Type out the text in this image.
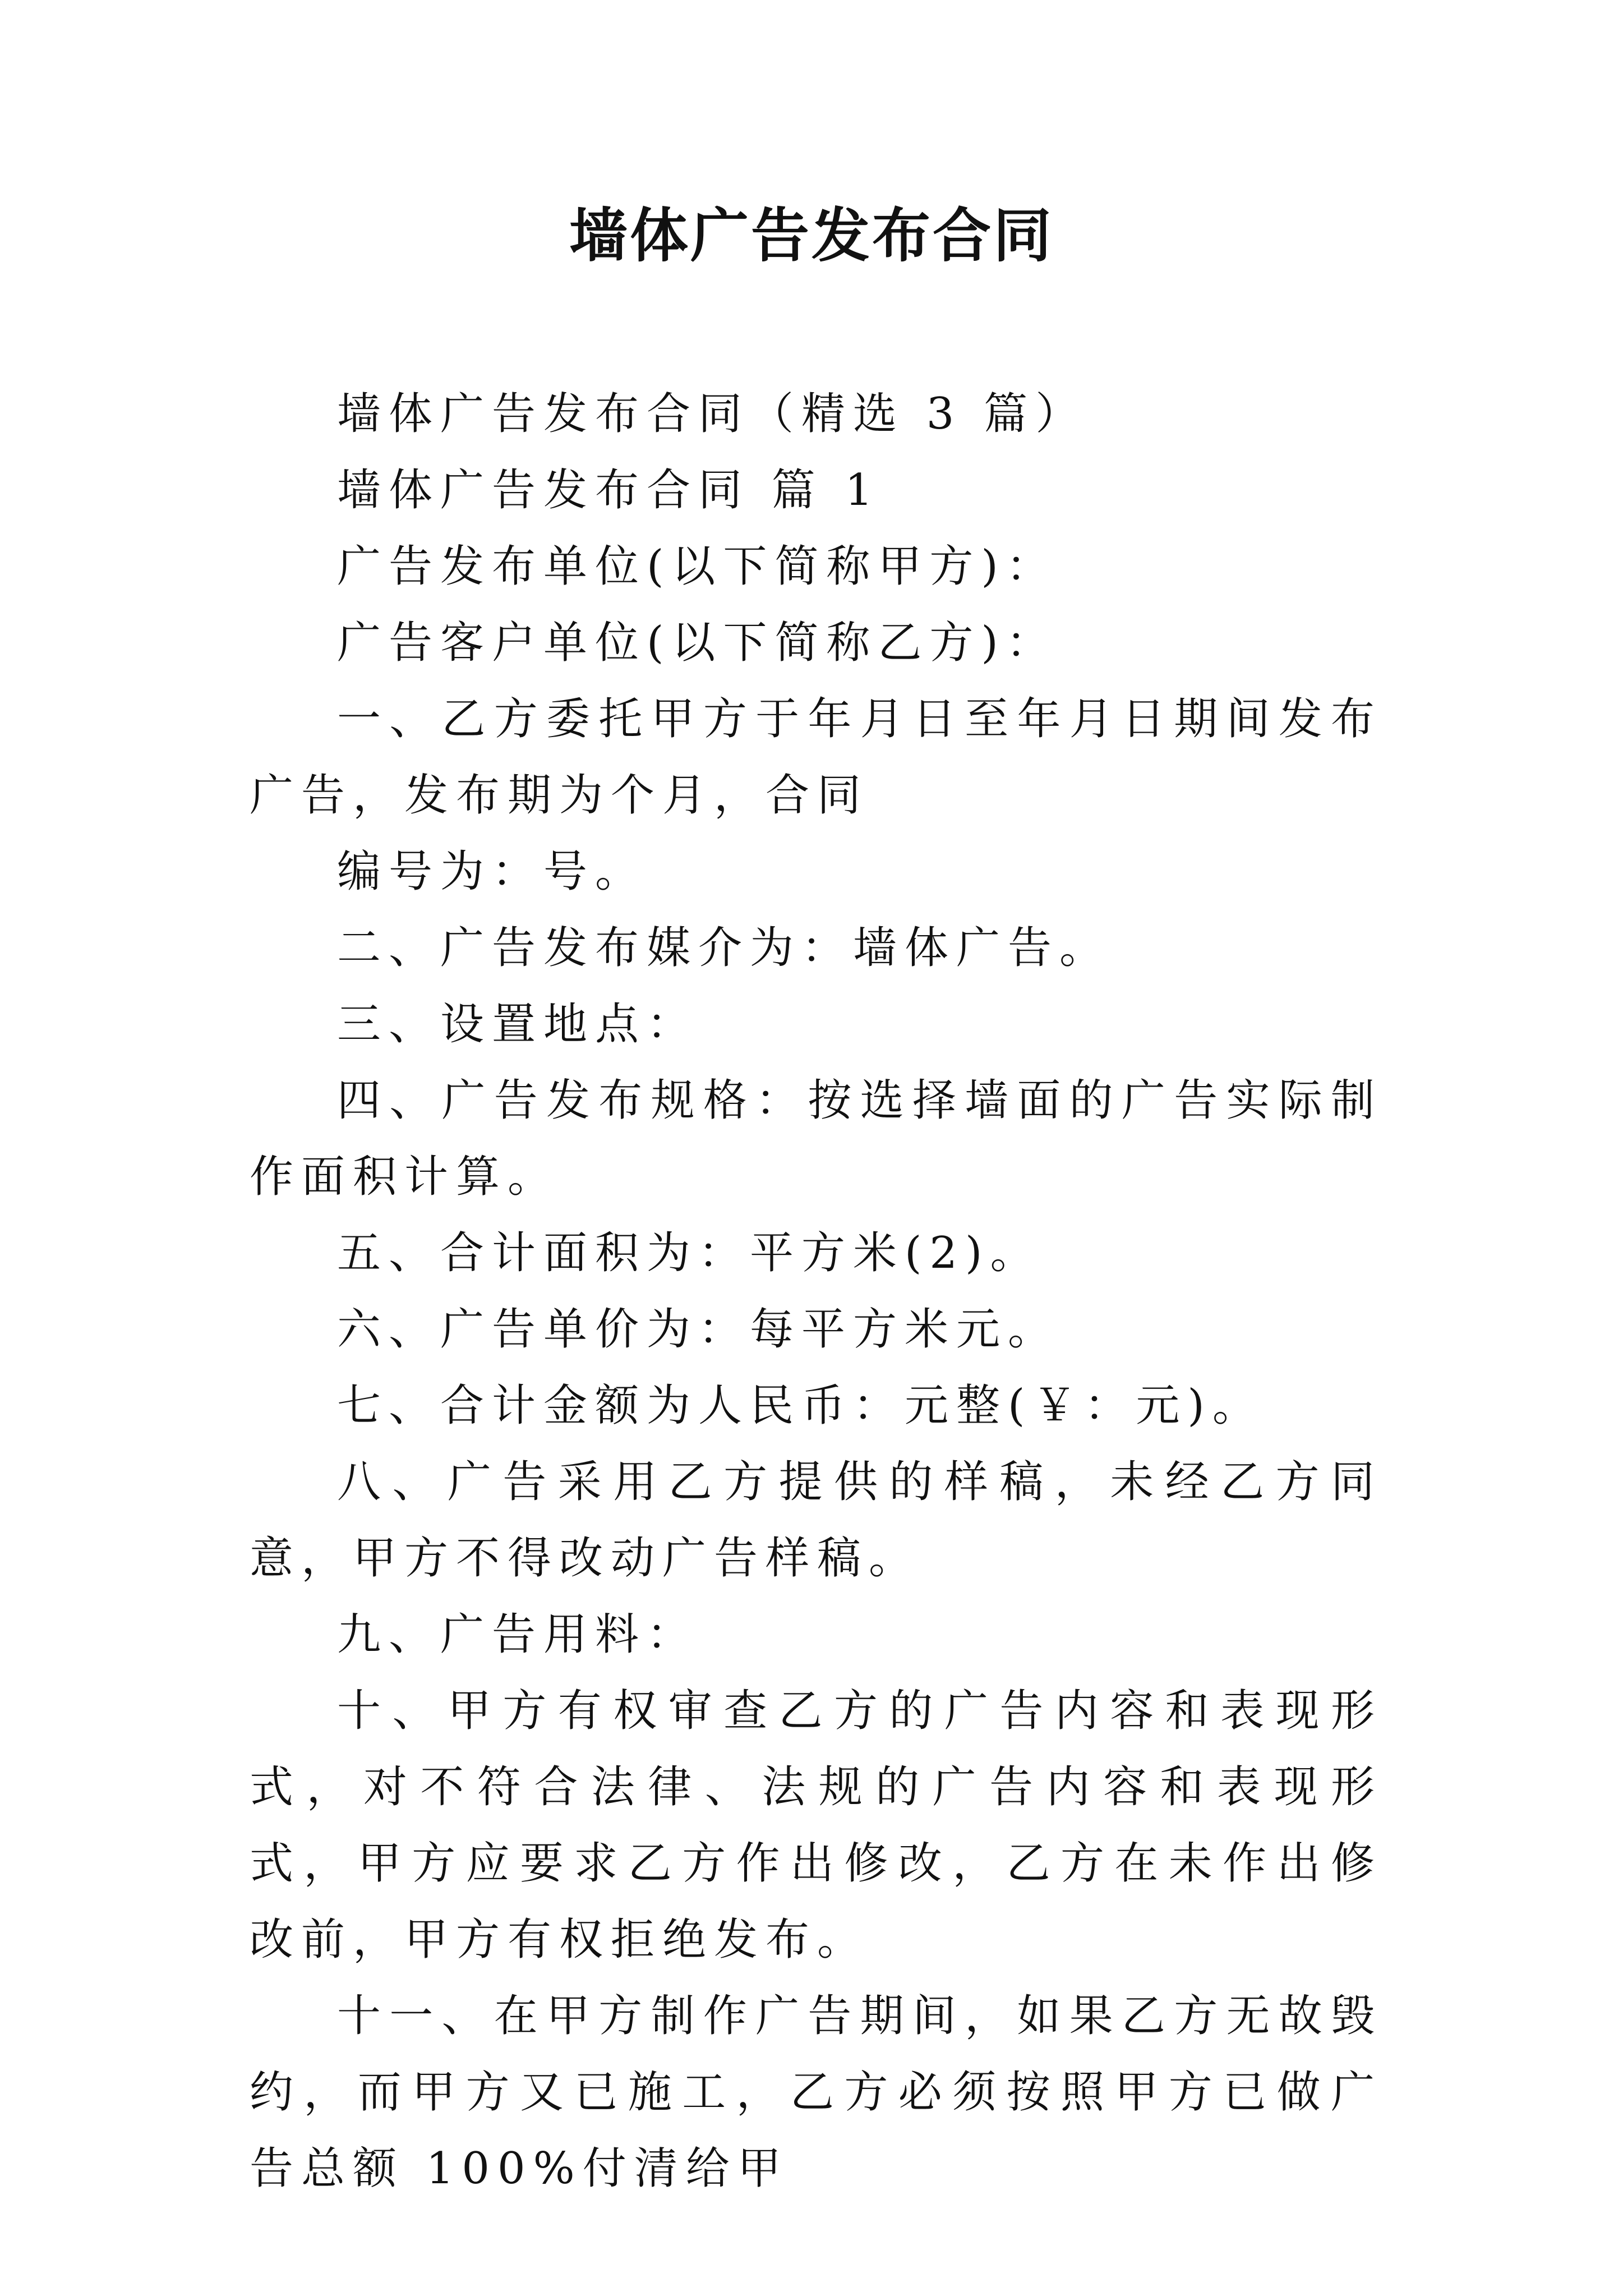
墙体广告发布合同

墙体广告发布合同（精选 3 篇）

墙体广告发布合同 篇 1

广告发布单位(以下简称甲方)：

广告客户单位(以下简称乙方)：

一、乙方委托甲方于年月日至年月日期间发布广告，发布期为个月，合同

编号为：号。

二、广告发布媒介为：墙体广告。

三、设置地点：

四、广告发布规格：按选择墙面的广告实际制作面积计算。

五、合计面积为：平方米(2)。

六、广告单价为：每平方米元。

七、合计金额为人民币：元整(￥：元)。

八、广告采用乙方提供的样稿，未经乙方同意，甲方不得改动广告样稿。

九、广告用料：

十、甲方有权审查乙方的广告内容和表现形式，对不符合法律、法规的广告内容和表现形式，甲方应要求乙方作出修改，乙方在未作出修改前，甲方有权拒绝发布。

十一、在甲方制作广告期间，如果乙方无故毁约，而甲方又已施工，乙方必须按照甲方已做广告总额 100%付清给甲
